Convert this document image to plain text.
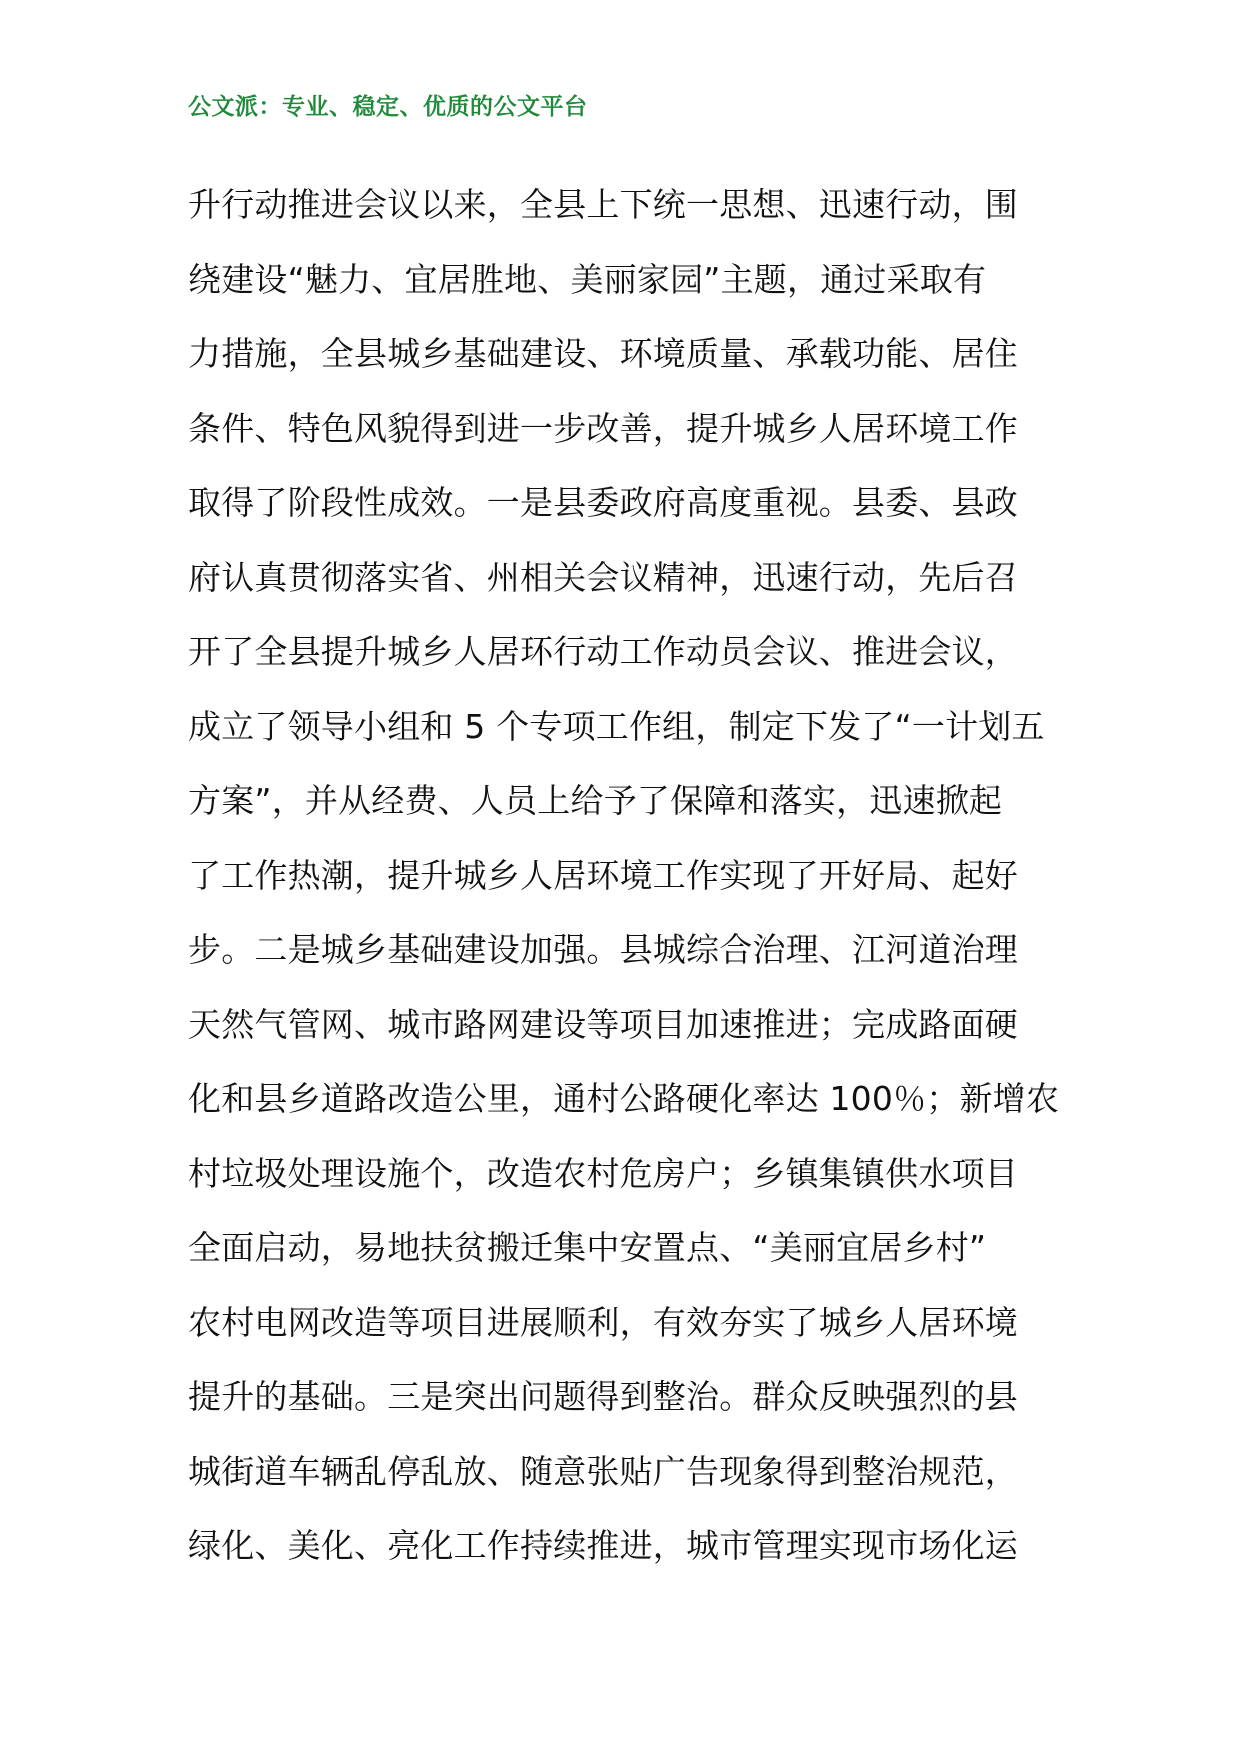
公文派：专业、稳定、优质的公文平台
升行动推进会议以来，全县上下统一思想、迅速行动，围
绕建设“魅力、宜居胜地、美丽家园”主题，通过采取有
力措施，全县城乡基础建设、环境质量、承载功能、居住
条件、特色风貌得到进一步改善，提升城乡人居环境工作
取得了阶段性成效。一是县委政府高度重视。县委、县政
府认真贯彻落实省、州相关会议精神，迅速行动，先后召
开了全县提升城乡人居环行动工作动员会议、推进会议，
成立了领导小组和 5 个专项工作组，制定下发了“一计划五
方案”，并从经费、人员上给予了保障和落实，迅速掀起
了工作热潮，提升城乡人居环境工作实现了开好局、起好
步。二是城乡基础建设加强。县城综合治理、江河道治理
天然气管网、城市路网建设等项目加速推进；完成路面硬
化和县乡道路改造公里，通村公路硬化率达 100％；新增农
村垃圾处理设施个，改造农村危房户；乡镇集镇供水项目
全面启动，易地扶贫搬迁集中安置点、“美丽宜居乡村”
农村电网改造等项目进展顺利，有效夯实了城乡人居环境
提升的基础。三是突出问题得到整治。群众反映强烈的县
城街道车辆乱停乱放、随意张贴广告现象得到整治规范，
绿化、美化、亮化工作持续推进，城市管理实现市场化运
